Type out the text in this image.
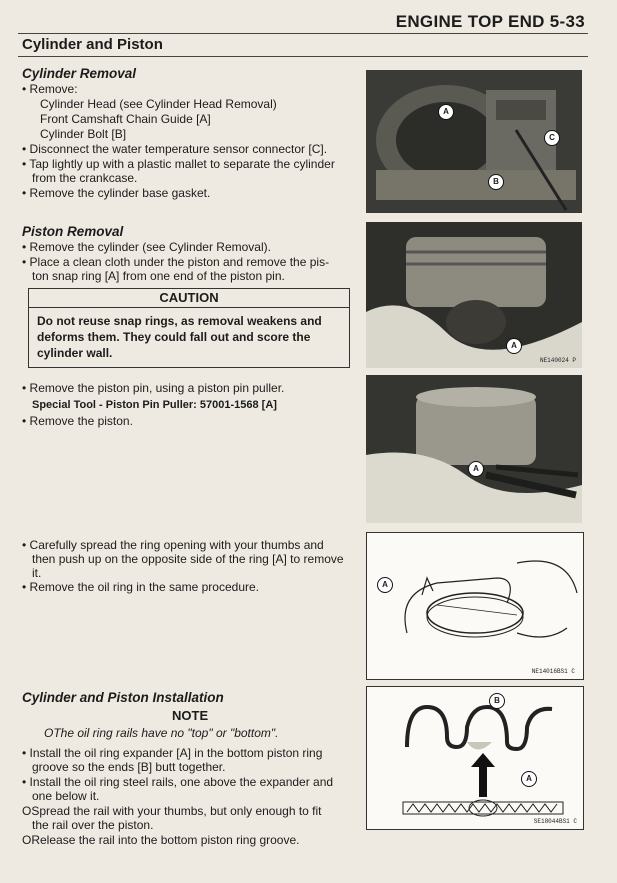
ENGINE TOP END 5-33
Cylinder and Piston
Cylinder Removal
• Remove:
Cylinder Head (see Cylinder Head Removal)
Front Camshaft Chain Guide [A]
Cylinder Bolt [B]
• Disconnect the water temperature sensor connector [C].
• Tap lightly up with a plastic mallet to separate the cylinder
from the crankcase.
• Remove the cylinder base gasket.
Piston Removal
• Remove the cylinder (see Cylinder Removal).
• Place a clean cloth under the piston and remove the pis-
ton snap ring [A] from one end of the piston pin.
CAUTION
Do not reuse snap rings, as removal weakens and
deforms them. They could fall out and score the
cylinder wall.
• Remove the piston pin, using a piston pin puller.
Special Tool - Piston Pin Puller: 57001-1568 [A]
• Remove the piston.
• Carefully spread the ring opening with your thumbs and
then push up on the opposite side of the ring [A] to remove
it.
• Remove the oil ring in the same procedure.
Cylinder and Piston Installation
NOTE
OThe oil ring rails have no "top" or "bottom".
• Install the oil ring expander [A] in the bottom piston ring
groove so the ends [B] butt together.
• Install the oil ring steel rails, one above the expander and
one below it.
OSpread the rail with your thumbs, but only enough to fit
the rail over the piston.
ORelease the rail into the bottom piston ring groove.
A
C
B
A
NE140024 P
A
A
NE14016BS1 C
B
A
SE18044BS1 C
